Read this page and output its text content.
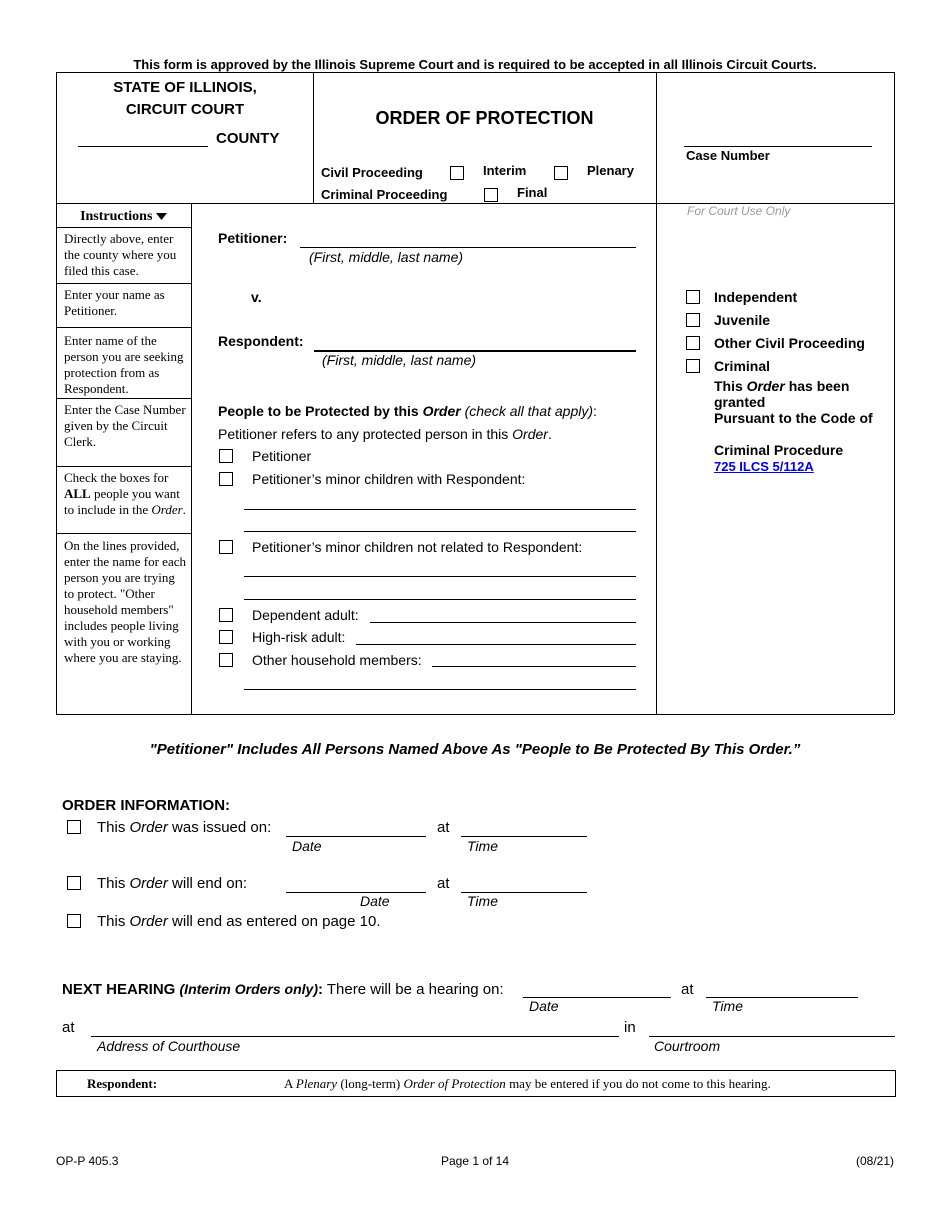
This form is approved by the Illinois Supreme Court and is required to be accepted in all Illinois Circuit Courts.
STATE OF ILLINOIS,
CIRCUIT COURT
COUNTY
ORDER OF PROTECTION
Civil Proceeding	Interim	Plenary
Criminal Proceeding	Final
Case Number
For Court Use Only
Instructions
Directly above, enter the county where you filed this case.
Enter your name as Petitioner.
Enter name of the person you are seeking protection from as Respondent.
Enter the Case Number given by the Circuit Clerk.
Check the boxes for ALL people you want to include in the Order.
On the lines provided, enter the name for each person you are trying to protect. "Other household members" includes people living with you or working where you are staying.
Petitioner:
(First, middle, last name)
v.
Respondent:
(First, middle, last name)
People to be Protected by this Order (check all that apply):
Petitioner refers to any protected person in this Order.
Petitioner
Petitioner’s minor children with Respondent:
Petitioner’s minor children not related to Respondent:
Dependent adult:
High-risk adult:
Other household members:
Independent
Juvenile
Other Civil Proceeding
Criminal
This Order has been granted
Pursuant to the Code of
Criminal Procedure
725 ILCS 5/112A
"Petitioner" Includes All Persons Named Above As "People to Be Protected By This Order.”
ORDER INFORMATION:
This Order was issued on:
Date
at
Time
This Order will end on:
Date
at
Time
This Order will end as entered on page 10.
NEXT HEARING (Interim Orders only): There will be a hearing on:
Date
at
Time
at
Address of Courthouse
in
Courtroom
Respondent:	A Plenary (long-term) Order of Protection may be entered if you do not come to this hearing.
OP-P 405.3	Page 1 of 14	(08/21)
